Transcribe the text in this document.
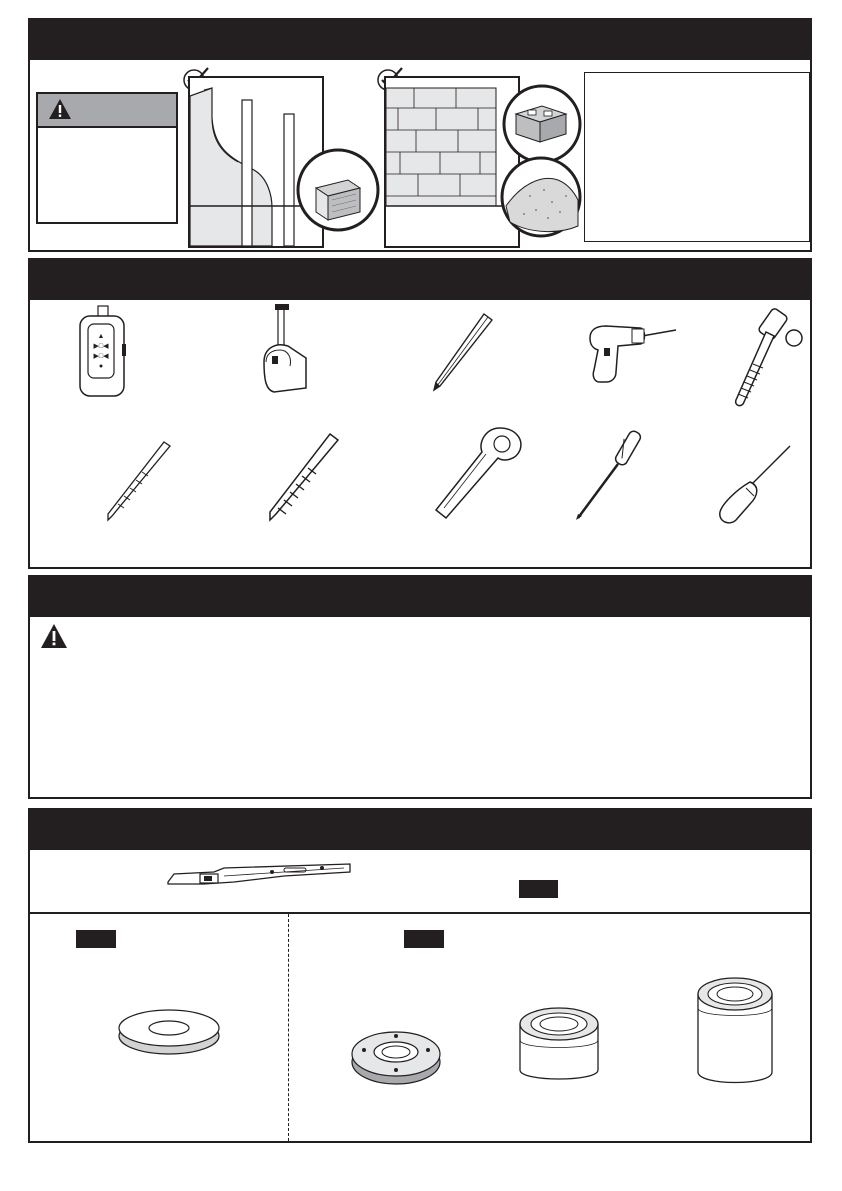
▲
▶□◀
▶□◀
